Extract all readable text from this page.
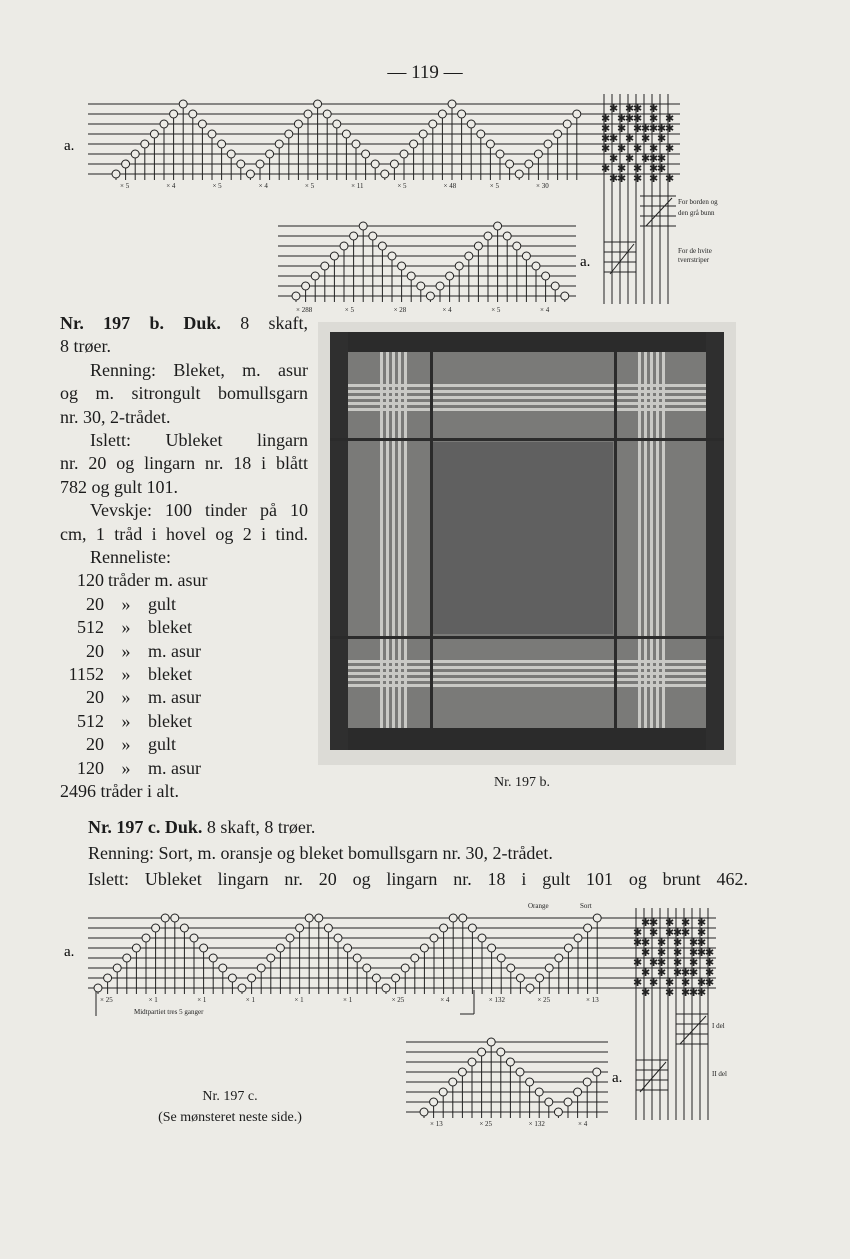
— 119 —
a.
× 5	× 4	× 5	× 4	× 5	× 11	× 5	× 48	× 5	× 30
a.
× 288	× 5	× 28	× 4	× 5	× 4
✱ ✱
✱ ✱
✱ ✱
✱
✱ ✱ ✱
✱ ✱ ✱
✱
✱
✱
✱
✱
✱ ✱ ✱ ✱
✱ ✱ ✱ ✱ ✱
✱ ✱ ✱
✱
✱
✱ ✱ ✱ ✱
✱
✱
✱ ✱ ✱ ✱
For borden og
den grå bunn
For de hvite
tverrstriper
a.
Orange	Sort
× 25	× 1	× 1	× 1	× 1	× 1	× 25	× 4	× 132	× 25	× 13
Midtpartiet tres 5 ganger
a.
× 13	× 25	× 132	× 4
✱
✱ ✱ ✱ ✱
✱ ✱ ✱
✱
✱ ✱
✱
✱ ✱ ✱ ✱
✱
✱ ✱ ✱ ✱
✱
✱
✱ ✱
✱ ✱ ✱ ✱
✱ ✱ ✱
✱
✱ ✱
✱ ✱ ✱ ✱ ✱
✱
✱ ✱ ✱
✱
✱
I del
II del

Nr. 197 b. Duk. 8 skaft,

8 trøer.

Renning: Bleket, m. asur

og m. sitrongult bomullsgarn

nr. 30, 2-trådet.

Islett: Ubleket lingarn

nr. 20 og lingarn nr. 18 i blått

782 og gult 101.

Vevskje: 100 tinder på 10

cm, 1 tråd i hovel og 2 i tind.

Renneliste:

120 tråder m. asur
20 » gult
512 » bleket
20 » m. asur
1152 » bleket
20 » m. asur
512 » bleket
20 » gult
120 » m. asur

2496 tråder i alt.	Nr. 197 b.

Nr. 197 c. Duk. 8 skaft, 8 trøer.

Renning: Sort, m. oransje og bleket bomullsgarn nr. 30, 2-trådet.

Islett: Ubleket lingarn nr. 20 og lingarn nr. 18 i gult 101 og brunt 462.

Nr. 197 c.
(Se mønsteret neste side.)
